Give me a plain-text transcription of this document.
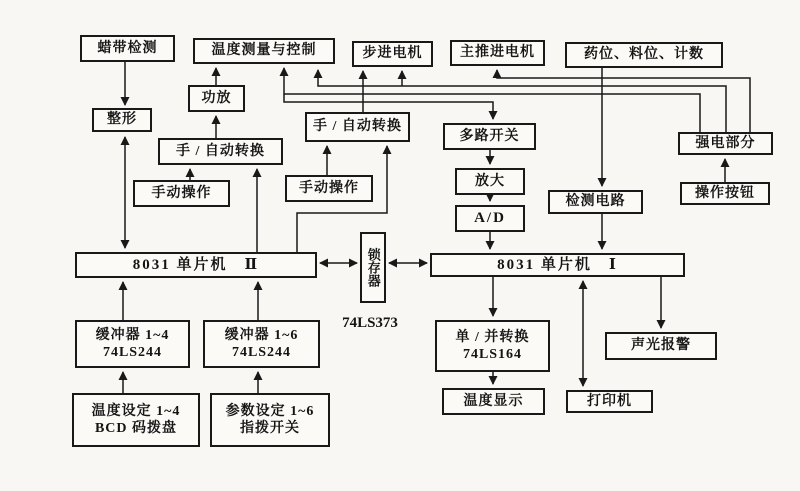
蜡带检测	温度测量与控制	步进电机	主推进电机	药位、料位、计数
功放
整形	手 / 自动转换
手 / 自动转换
手动操作	手动操作
多路开关	强电部分
操作按钮
检测电路
放大
A/D
8031 单片机　Ⅱ	锁存器	8031 单片机　Ⅰ
缓冲器 1~4
74LS244
缓冲器 1~6
74LS244
单 / 并转换
74LS164
声光报警
温度设定 1~4
BCD 码拨盘
参数设定 1~6
指拨开关
温度显示	打印机
74LS373
